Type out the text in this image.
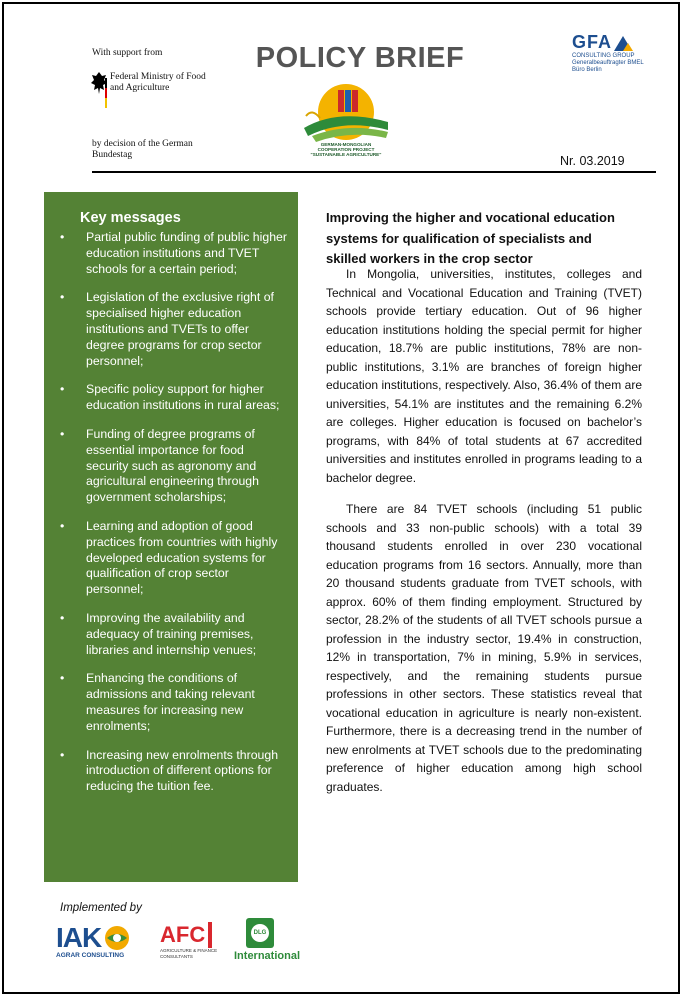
With support from
Federal Ministry of Food and Agriculture
by decision of the German Bundestag
POLICY BRIEF
GERMAN-MONGOLIAN
COOPERATION PROJECT
"SUSTAINABLE AGRICULTURE"
GFA
CONSULTING GROUP Generalbeauftragter BMEL Büro Berlin
Nr. 03.2019
Key messages
• Partial public funding of public higher education institutions and TVET schools for a certain period;
• Legislation of the exclusive right of specialised higher education institutions and TVETs to offer degree programs for crop sector personnel;
• Specific policy support for higher education institutions in rural areas;
• Funding of degree programs of essential importance for food security such as agronomy and agricultural engineering through government scholarships;
• Learning and adoption of good practices from countries with highly developed education systems for qualification of crop sector personnel;
• Improving the availability and adequacy of training premises, libraries and internship venues;
• Enhancing the conditions of admissions and taking relevant measures for increasing new enrolments;
• Increasing new enrolments through introduction of different options for reducing the tuition fee.
Improving the higher and vocational education systems for qualification of specialists and skilled workers in the crop sector

In Mongolia, universities, institutes, colleges and Technical and Vocational Education and Training (TVET) schools provide tertiary education. Out of 96 higher education institutions holding the special permit for higher education, 18.7% are public institutions, 78% are non-public institutions, 3.1% are branches of foreign higher education institutions, respectively. Also, 36.4% of them are universities, 54.1% are institutes and the remaining 6.2% are colleges. Higher education is focused on bachelor’s programs, with 84% of total students at 67 accredited universities and institutes enrolled in programs leading to a bachelor degree.

There are 84 TVET schools (including 51 public schools and 33 non-public schools) with a total 39 thousand students enrolled in over 230 vocational education programs from 16 sectors. Annually, more than 20 thousand students graduate from TVET schools, with approx. 60% of them finding employment. Structured by sector, 28.2% of the students of all TVET schools pursue a profession in the industry sector, 19.4% in construction, 12% in transportation, 7% in mining, 5.9% in services, respectively, and the remaining students pursue professions in other sectors. These statistics reveal that vocational education in agriculture is nearly non-existent. Furthermore, there is a decreasing trend in the number of new enrolments at TVET schools due to the predominating preference of higher education among high school graduates.

Implemented by
IAK
AGRAR CONSULTING
AFC
AGRICULTURE & FINANCE CONSULTANTS
DLG
International
